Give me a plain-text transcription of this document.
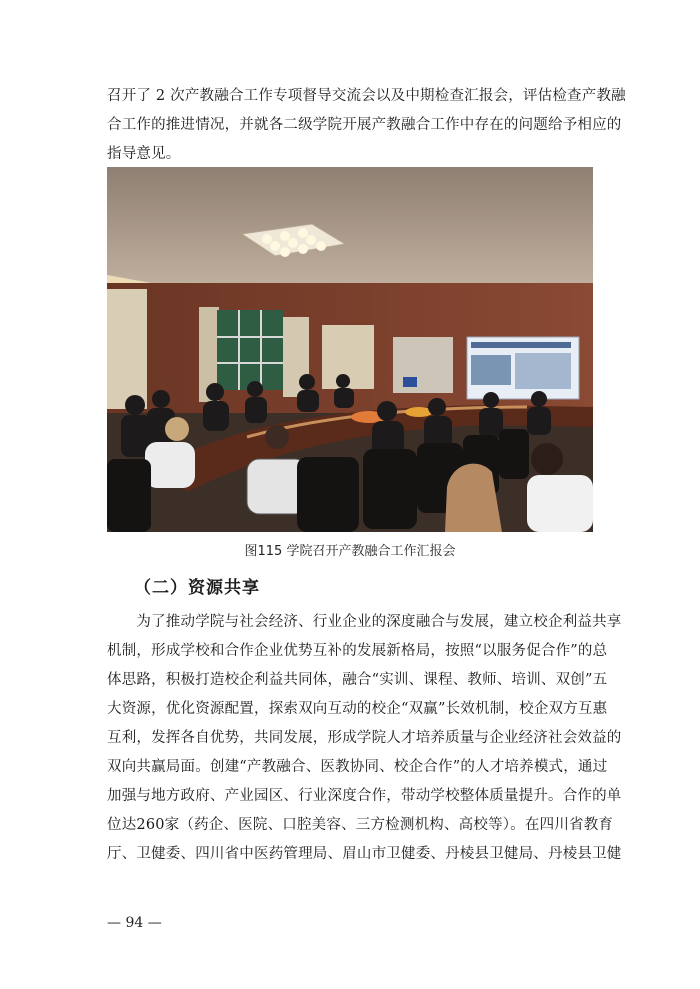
召开了 2 次产教融合工作专项督导交流会以及中期检查汇报会，评估检查产教融
合工作的推进情况，并就各二级学院开展产教融合工作中存在的问题给予相应的
指导意见。
图115 学院召开产教融合工作汇报会
（二）资源共享
　　为了推动学院与社会经济、行业企业的深度融合与发展，建立校企利益共享
机制，形成学校和合作企业优势互补的发展新格局，按照“以服务促合作”的总
体思路，积极打造校企利益共同体，融合“实训、课程、教师、培训、双创”五
大资源，优化资源配置，探索双向互动的校企“双赢”长效机制，校企双方互惠
互利，发挥各自优势，共同发展，形成学院人才培养质量与企业经济社会效益的
双向共赢局面。创建“产教融合、医教协同、校企合作”的人才培养模式，通过
加强与地方政府、产业园区、行业深度合作，带动学校整体质量提升。合作的单
位达260家（药企、医院、口腔美容、三方检测机构、高校等）。在四川省教育
厅、卫健委、四川省中医药管理局、眉山市卫健委、丹棱县卫健局、丹棱县卫健
— 94 —
